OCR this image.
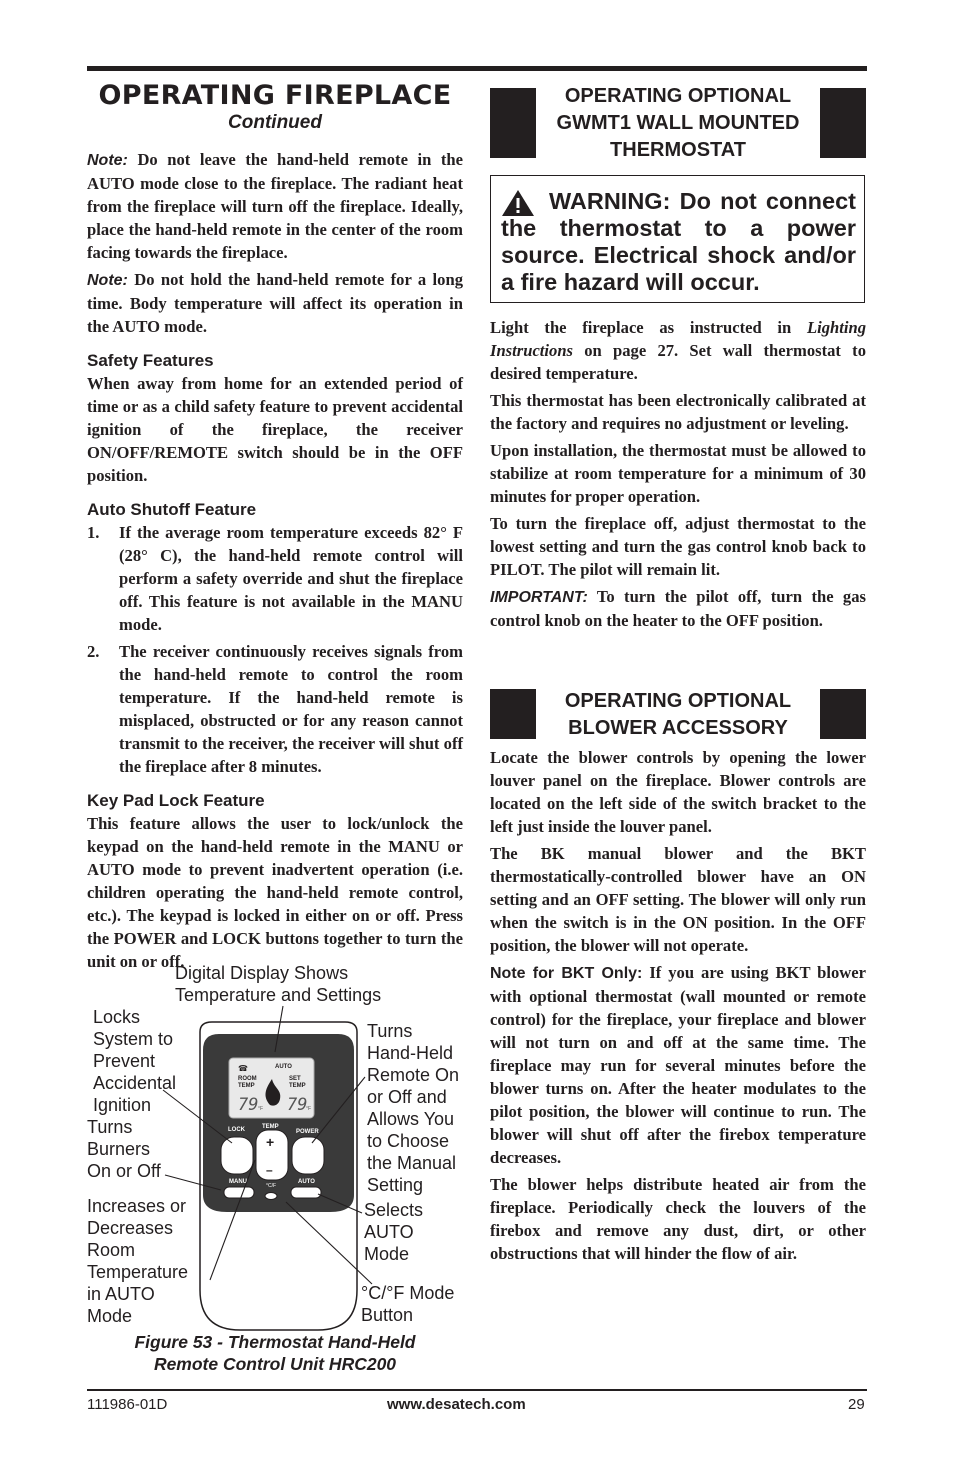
OPERATING FIREPLACE
Continued

Note: Do not leave the hand-held remote in the AUTO mode close to the fireplace. The radiant heat from the fireplace will turn off the fireplace. Ideally, place the hand-held remote in the center of the room facing towards the fireplace.

Note: Do not hold the hand-held remote for a long time. Body temperature will affect its operation in the AUTO mode.

Safety Features

When away from home for an extended period of time or as a child safety feature to prevent accidental ignition of the fireplace, the receiver ON/OFF/REMOTE switch should be in the OFF position.

Auto Shutoff Feature
1. If the average room temperature exceeds 82° F (28° C), the hand-held remote control will perform a safety override and shut the fireplace off. This feature is not available in the MANU mode.
2. The receiver continuously receives signals from the hand-held remote to control the room temperature. If the hand-held remote is misplaced, obstructed or for any reason cannot transmit to the receiver, the receiver will shut off the fireplace after 8 minutes.
Key Pad Lock Feature

This feature allows the user to lock/unlock the keypad on the hand-held remote in the MANU or AUTO mode to prevent inadvertent operation (i.e. children operating the hand-held remote control, etc.). The keypad is locked in either on or off. Press the POWER and LOCK buttons together to turn the unit on or off.

Digital Display Shows
Temperature and Settings
Locks
System to
Prevent
Accidental
Ignition
Turns
Burners
On or Off
Increases or
Decreases
Room
Temperature
in AUTO
Mode
Turns
Hand-Held
Remote On
or Off and
Allows You
to Choose
the Manual
Setting
Selects
AUTO
Mode
°C/°F Mode
Button
AUTO
☎
ROOM
TEMP
SET
TEMP
79 °F 79
°F
LOCK	TEMP
POWER
+
–
MANU	AUTO
°C/F
Figure 53 - Thermostat Hand-Held
Remote Control Unit HRC200
OPERATING OPTIONAL
GWMT1 WALL MOUNTED
THERMOSTAT
WARNING: Do not connect the thermostat to a power source. Electrical shock and/or a fire hazard will occur.

Light the fireplace as instructed in Lighting Instructions on page 27. Set wall thermostat to desired temperature.

This thermostat has been electronically calibrated at the factory and requires no adjustment or leveling.

Upon installation, the thermostat must be allowed to stabilize at room temperature for a minimum of 30 minutes for proper operation.

To turn the fireplace off, adjust thermostat to the lowest setting and turn the gas control knob back to PILOT. The pilot will remain lit.

IMPORTANT: To turn the pilot off, turn the gas control knob on the heater to the OFF position.

OPERATING OPTIONAL
BLOWER ACCESSORY

Locate the blower controls by opening the lower louver panel on the fireplace. Blower controls are located on the left side of the switch bracket to the left just inside the louver panel.

The BK manual blower and the BKT thermostatically-controlled blower have an ON setting and an OFF setting. The blower will only run when the switch is in the ON position. In the OFF position, the blower will not operate.

Note for BKT Only: If you are using BKT blower with optional thermostat (wall mounted or remote control) for the fireplace, your fireplace and blower will not turn on and off at the same time. The fireplace may run for several minutes before the blower turns on. After the heater modulates to the pilot position, the blower will continue to run. The blower will shut off after the firebox temperature decreases.

The blower helps distribute heated air from the fireplace. Periodically check the louvers of the firebox and remove any dust, dirt, or other obstructions that will hinder the flow of air.

111986-01D	www.desatech.com	29
